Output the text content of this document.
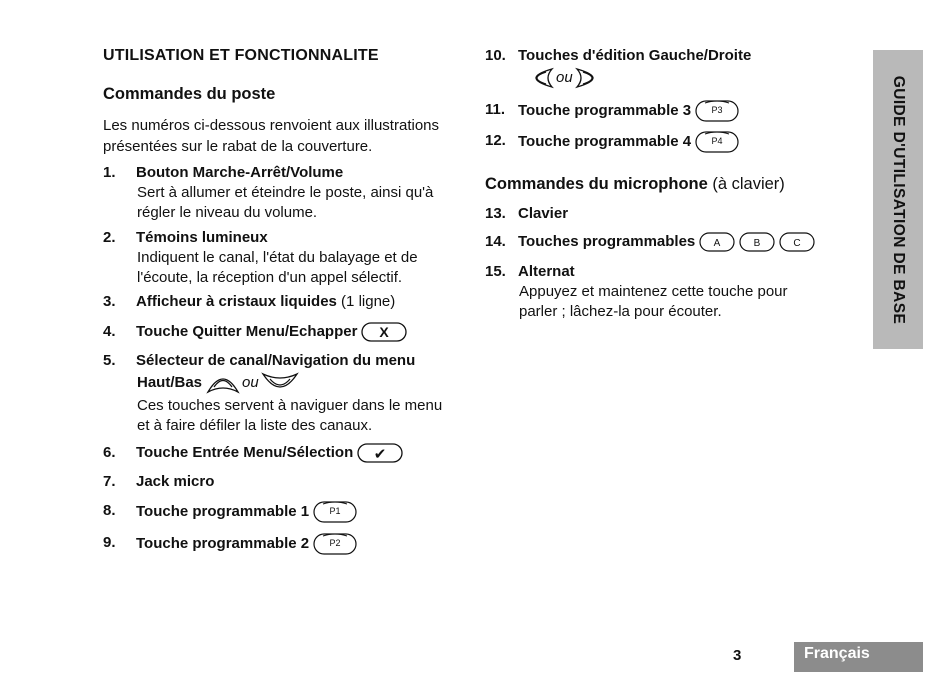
UTILISATION ET FONCTIONNALITE
Commandes du poste
Les numéros ci-dessous renvoient aux illustrations
présentées sur le rabat de la couverture.
1. Bouton Marche-Arrêt/Volume
Sert à allumer et éteindre le poste, ainsi qu'à
régler le niveau du volume.
2. Témoins lumineux
Indiquent le canal, l'état du balayage et de
l'écoute, la réception d'un appel sélectif.
3. Afficheur à cristaux liquides (1 ligne)
4. Touche Quitter Menu/Echapper X
5. Sélecteur de canal/Navigation du menu
Haut/Bas	ou
Ces touches servent à naviguer dans le menu
et à faire défiler la liste des canaux.
6. Touche Entrée Menu/Sélection ✔
7. Jack micro
8. Touche programmable 1 P1
9. Touche programmable 2 P2
10. Touches d'édition Gauche/Droite
ou
11. Touche programmable 3 P3
12. Touche programmable 4 P4
Commandes du microphone (à clavier)
13. Clavier
14. Touches programmables A	B	C
15. Alternat
Appuyez et maintenez cette touche pour
parler ; lâchez-la pour écouter.	GUIDE D'UTILISATION DE BASE
3	Français
